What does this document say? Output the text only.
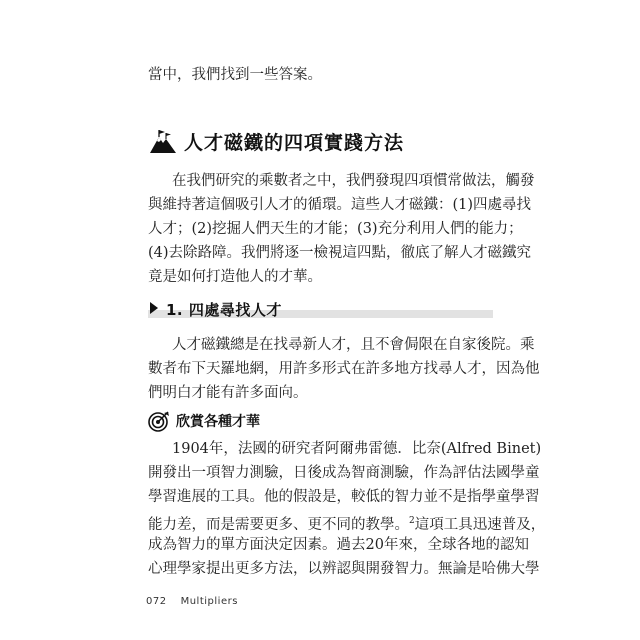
當中，我們找到一些答案。
人才磁鐵的四項實踐方法
在我們研究的乘數者之中，我們發現四項慣常做法，觸發
與維持著這個吸引人才的循環。這些人才磁鐵：(1)四處尋找
人才；(2)挖掘人們天生的才能；(3)充分利用人們的能力；
(4)去除路障。我們將逐一檢視這四點，徹底了解人才磁鐵究
竟是如何打造他人的才華。
1. 四處尋找人才
人才磁鐵總是在找尋新人才，且不會侷限在自家後院。乘
數者布下天羅地網，用許多形式在許多地方找尋人才，因為他
們明白才能有許多面向。
欣賞各種才華
1904年，法國的研究者阿爾弗雷德．比奈(Alfred Binet)
開發出一項智力測驗，日後成為智商測驗，作為評估法國學童
學習進展的工具。他的假設是，較低的智力並不是指學童學習
能力差，而是需要更多、更不同的教學。$^2$這項工具迅速普及，
成為智力的單方面決定因素。過去20年來，全球各地的認知
心理學家提出更多方法，以辨認與開發智力。無論是哈佛大學
072 Multipliers
